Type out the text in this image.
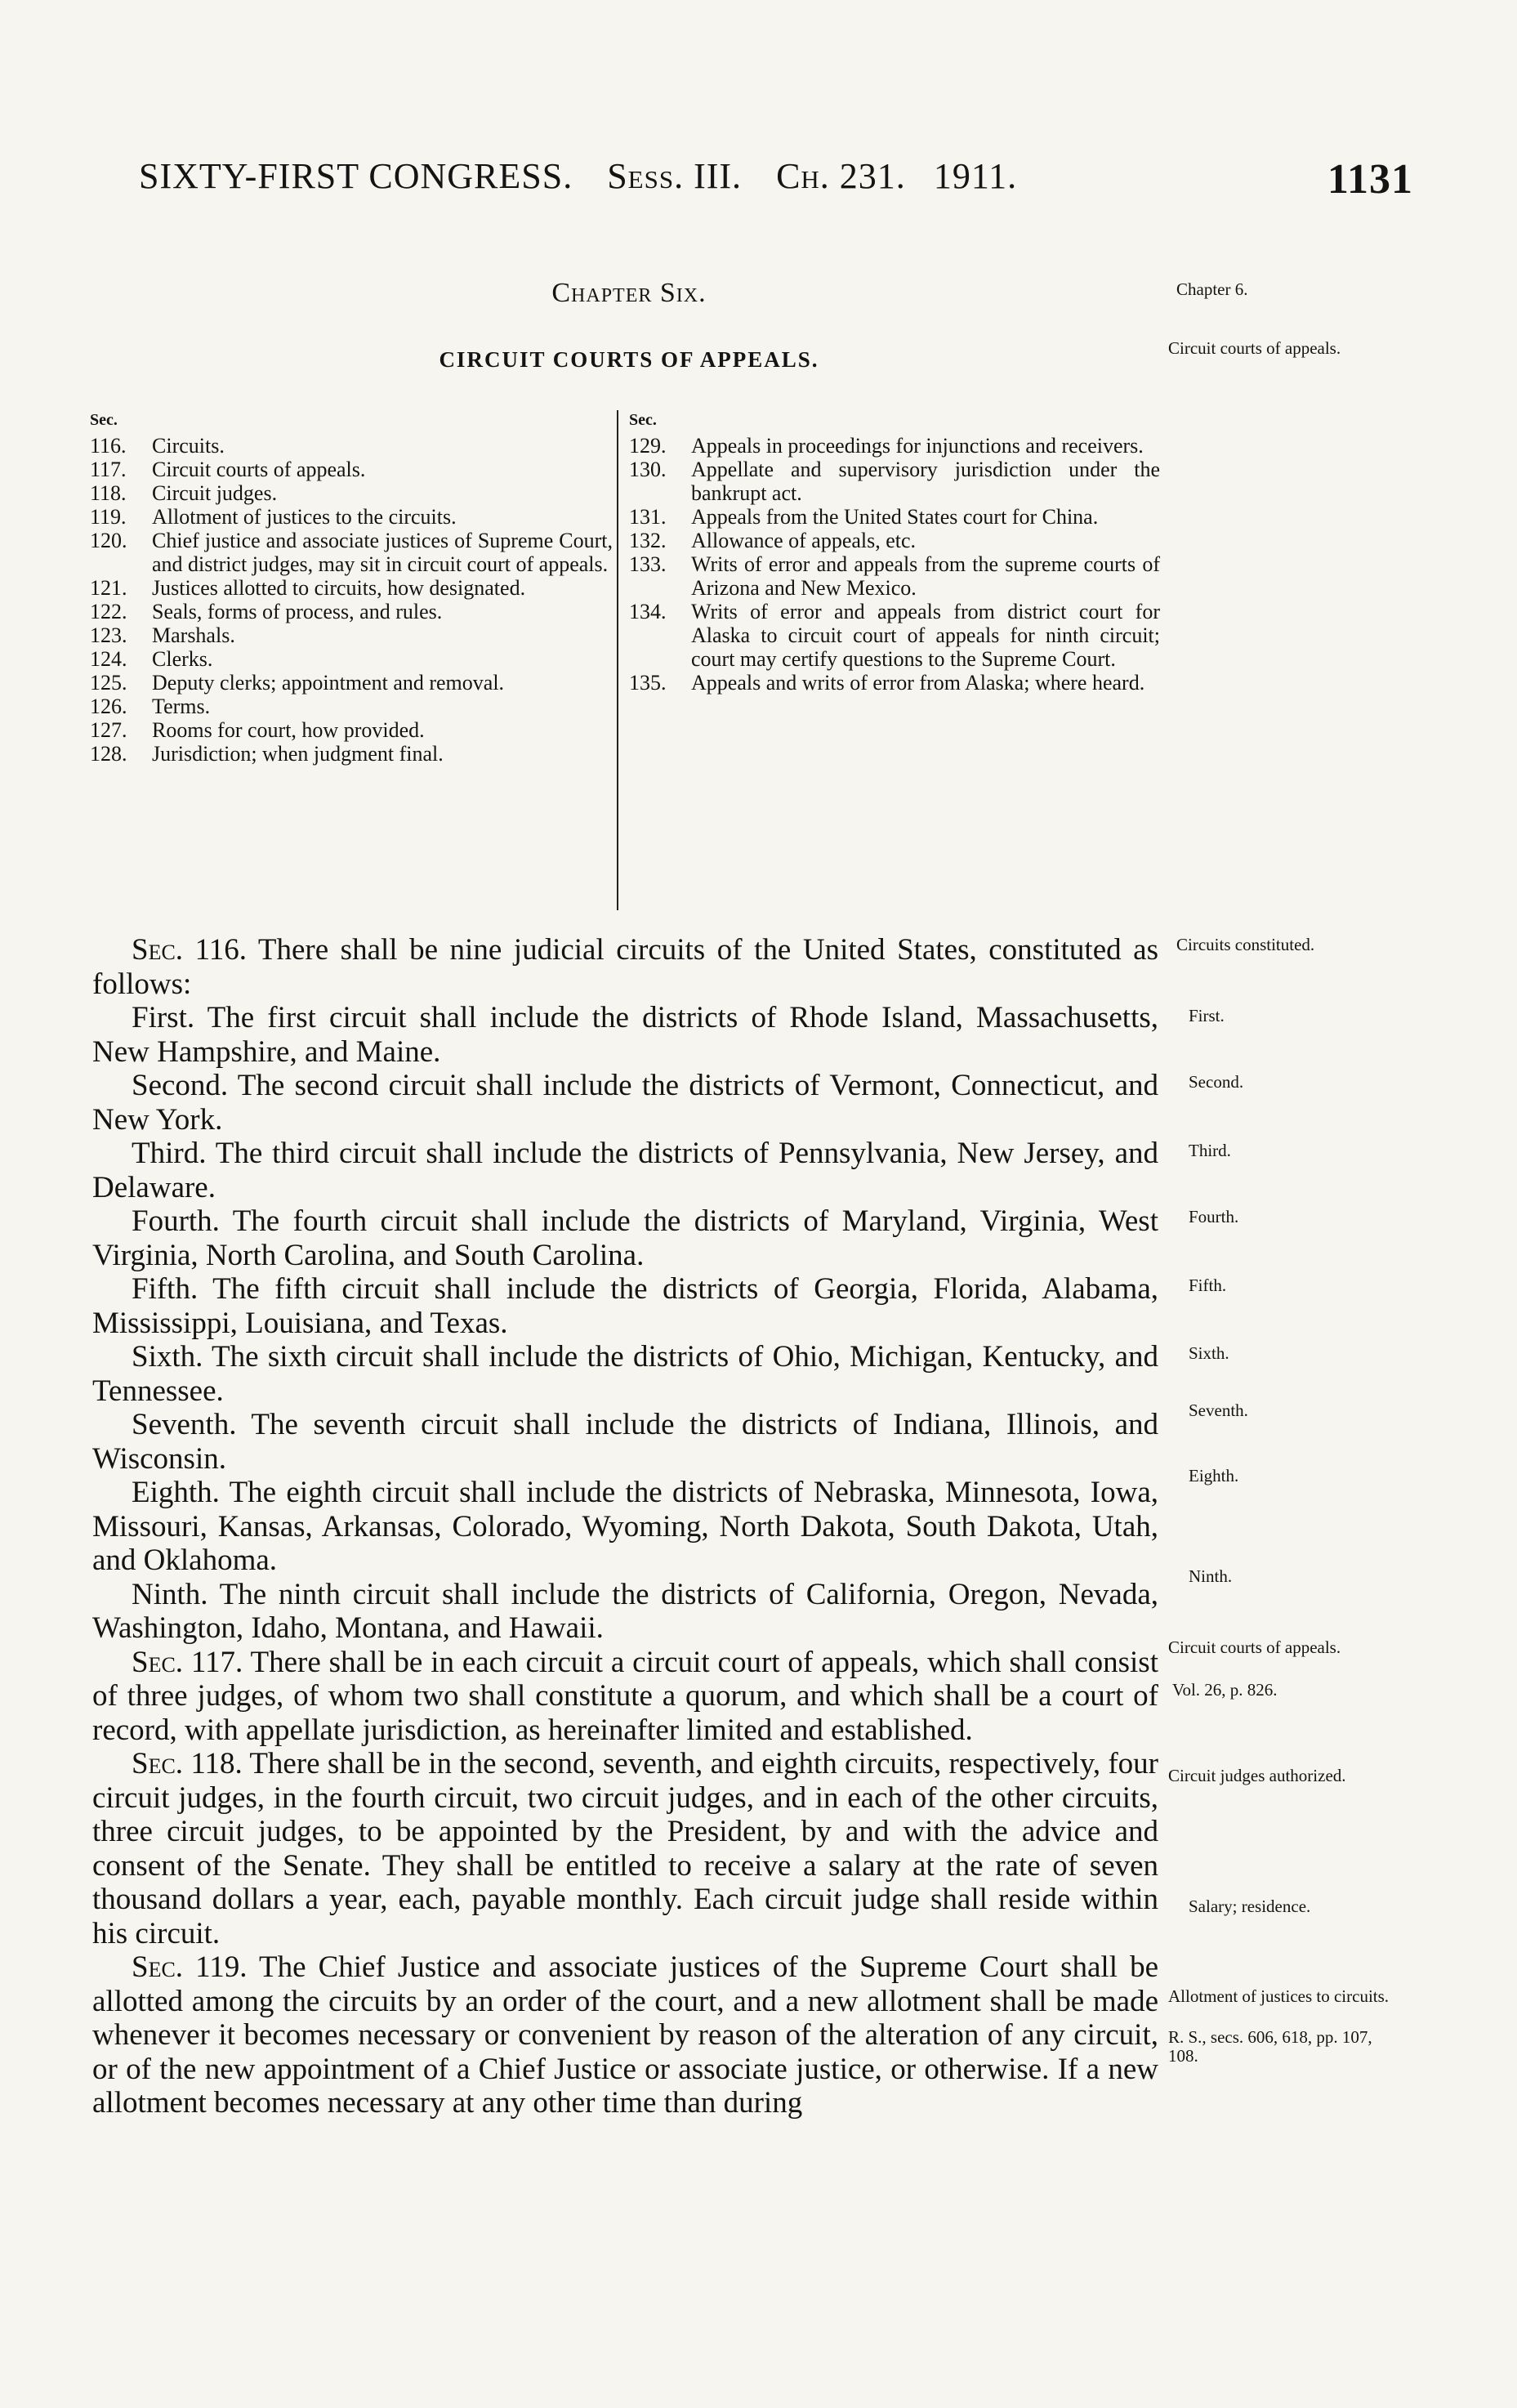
SIXTY-FIRST CONGRESS. Sess. III. Ch. 231. 1911.	1131
Chapter Six.
CIRCUIT COURTS OF APPEALS.
Chapter 6.
Circuit courts of appeals.
Sec.
116.	Circuits.
117.	Circuit courts of appeals.
118.	Circuit judges.
119.	Allotment of justices to the circuits.
120.	Chief justice and associate justices of Supreme Court, and district judges, may sit in circuit court of appeals.
121.	Justices allotted to circuits, how designated.
122.	Seals, forms of process, and rules.
123.	Marshals.
124.	Clerks.
125.	Deputy clerks; appointment and removal.
126.	Terms.
127.	Rooms for court, how provided.
128.	Jurisdiction; when judgment final.
Sec.
129.	Appeals in proceedings for injunctions and receivers.
130.	Appellate and supervisory jurisdiction under the bankrupt act.
131.	Appeals from the United States court for China.
132.	Allowance of appeals, etc.
133.	Writs of error and appeals from the supreme courts of Arizona and New Mexico.
134.	Writs of error and appeals from district court for Alaska to circuit court of appeals for ninth circuit; court may certify questions to the Supreme Court.
135.	Appeals and writs of error from Alaska; where heard.

Sec. 116. There shall be nine judicial circuits of the United States, constituted as follows:

First. The first circuit shall include the districts of Rhode Island, Massachusetts, New Hampshire, and Maine.

Second. The second circuit shall include the districts of Vermont, Connecticut, and New York.

Third. The third circuit shall include the districts of Pennsylvania, New Jersey, and Delaware.

Fourth. The fourth circuit shall include the districts of Maryland, Virginia, West Virginia, North Carolina, and South Carolina.

Fifth. The fifth circuit shall include the districts of Georgia, Florida, Alabama, Mississippi, Louisiana, and Texas.

Sixth. The sixth circuit shall include the districts of Ohio, Michigan, Kentucky, and Tennessee.

Seventh. The seventh circuit shall include the districts of Indiana, Illinois, and Wisconsin.

Eighth. The eighth circuit shall include the districts of Nebraska, Minnesota, Iowa, Missouri, Kansas, Arkansas, Colorado, Wyoming, North Dakota, South Dakota, Utah, and Oklahoma.

Ninth. The ninth circuit shall include the districts of California, Oregon, Nevada, Washington, Idaho, Montana, and Hawaii.

Sec. 117. There shall be in each circuit a circuit court of appeals, which shall consist of three judges, of whom two shall constitute a quorum, and which shall be a court of record, with appellate jurisdiction, as hereinafter limited and established.

Sec. 118. There shall be in the second, seventh, and eighth circuits, respectively, four circuit judges, in the fourth circuit, two circuit judges, and in each of the other circuits, three circuit judges, to be appointed by the President, by and with the advice and consent of the Senate. They shall be entitled to receive a salary at the rate of seven thousand dollars a year, each, payable monthly. Each circuit judge shall reside within his circuit.

Sec. 119. The Chief Justice and associate justices of the Supreme Court shall be allotted among the circuits by an order of the court, and a new allotment shall be made whenever it becomes necessary or convenient by reason of the alteration of any circuit, or of the new appointment of a Chief Justice or associate justice, or otherwise. If a new allotment becomes necessary at any other time than during

Circuits constituted.
First.
Second.
Third.
Fourth.
Fifth.
Sixth.
Seventh.
Eighth.
Ninth.
Circuit courts of appeals.
Vol. 26, p. 826.
Circuit judges authorized.
Salary; residence.
Allotment of justices to circuits.
R. S., secs. 606, 618, pp. 107, 108.
